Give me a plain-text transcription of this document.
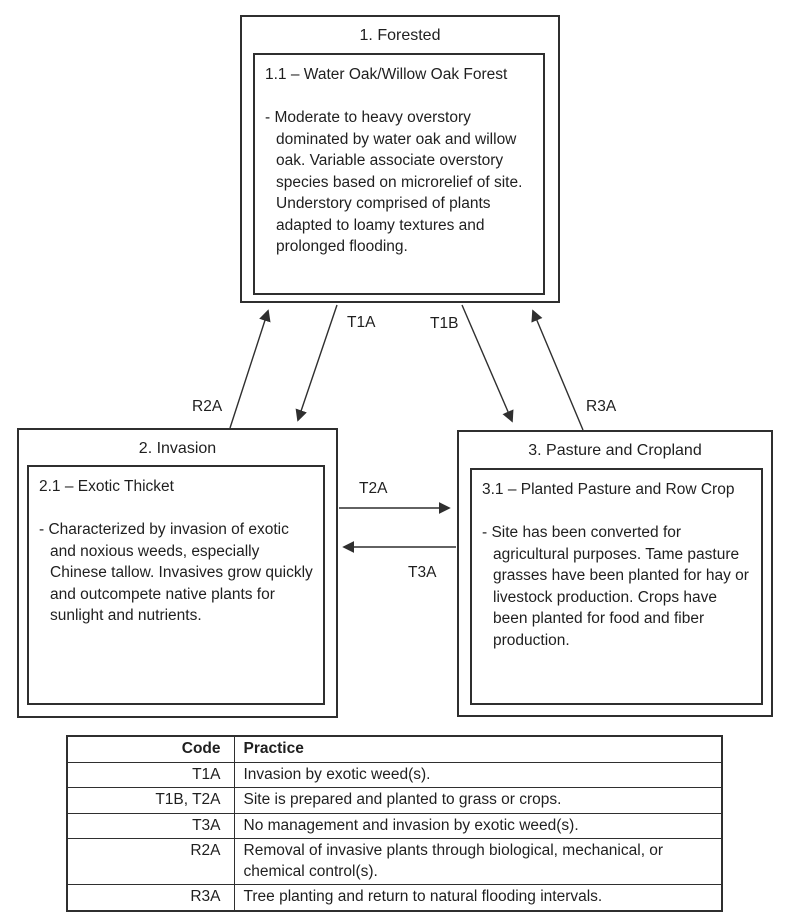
1. Forested
1.1 – Water Oak/Willow Oak Forest
- Moderate to heavy overstory dominated by water oak and willow oak. Variable associate overstory species based on microrelief of site. Understory comprised of plants adapted to loamy textures and prolonged flooding.
2. Invasion
2.1 – Exotic Thicket
- Characterized by invasion of exotic and noxious weeds, especially Chinese tallow. Invasives grow quickly and outcompete native plants for sunlight and nutrients.
3. Pasture and Cropland
3.1 – Planted Pasture and Row Crop
- Site has been converted for agricultural purposes. Tame pasture grasses have been planted for hay or livestock production. Crops have been planted for food and fiber production.
T1A	T1B
R2A	R3A
T2A
T3A
Code	Practice
T1A	Invasion by exotic weed(s).
T1B, T2A	Site is prepared and planted to grass or crops.
T3A	No management and invasion by exotic weed(s).
R2A	Removal of invasive plants through biological, mechanical, or chemical control(s).
R3A	Tree planting and return to natural flooding intervals.
